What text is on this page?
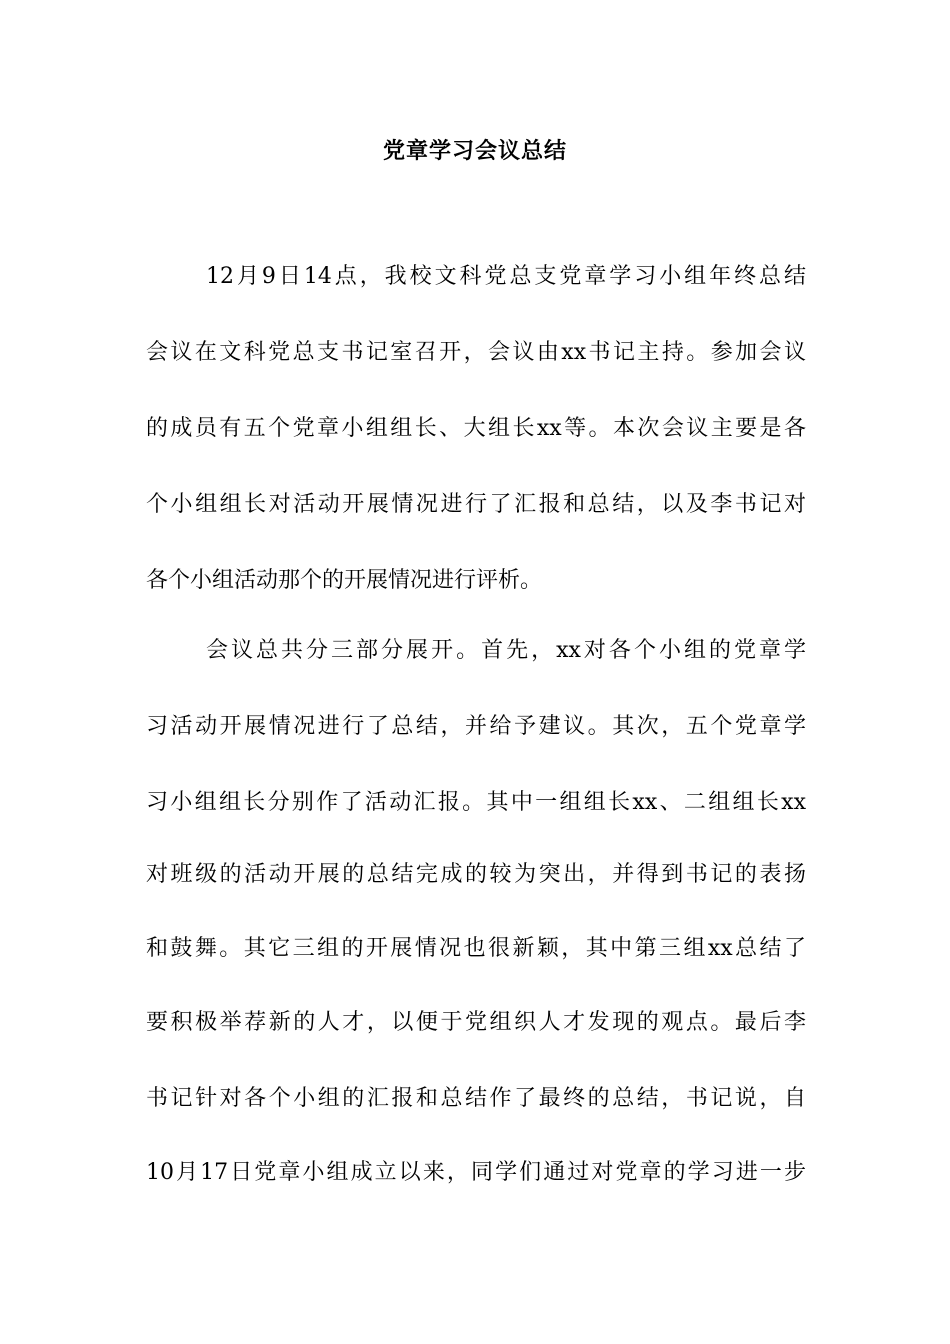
党章学习会议总结
12月9日14点，我校文科党总支党章学习小组年终总结
会议在文科党总支书记室召开，会议由xx书记主持。参加会议
的成员有五个党章小组组长、大组长xx等。本次会议主要是各
个小组组长对活动开展情况进行了汇报和总结，以及李书记对
各个小组活动那个的开展情况进行评析。
会议总共分三部分展开。首先，xx对各个小组的党章学
习活动开展情况进行了总结，并给予建议。其次，五个党章学
习小组组长分别作了活动汇报。其中一组组长xx、二组组长xx
对班级的活动开展的总结完成的较为突出，并得到书记的表扬
和鼓舞。其它三组的开展情况也很新颖，其中第三组xx总结了
要积极举荐新的人才，以便于党组织人才发现的观点。最后李
书记针对各个小组的汇报和总结作了最终的总结，书记说，自
10月17日党章小组成立以来，同学们通过对党章的学习进一步
